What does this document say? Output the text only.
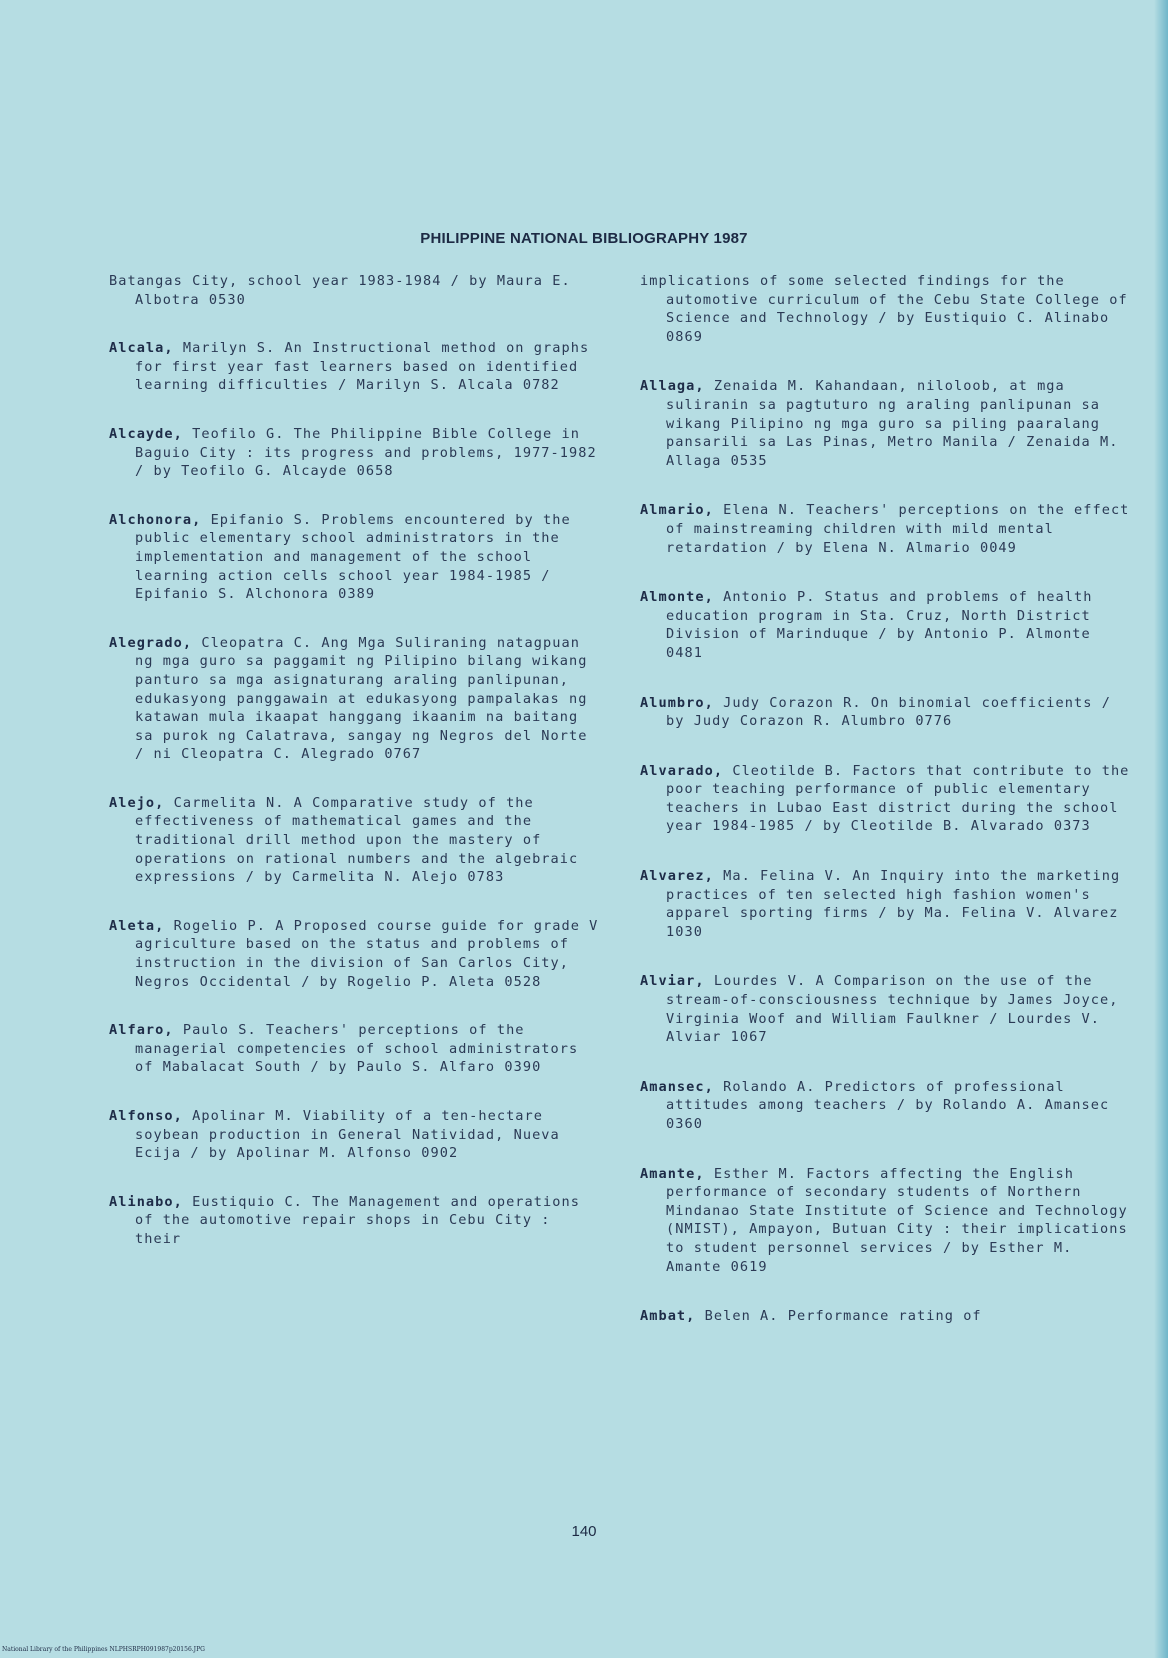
PHILIPPINE NATIONAL BIBLIOGRAPHY 1987
Batangas City, school year 1983-1984 / by Maura E. Albotra 0530
Alcala, Marilyn S. An Instructional method on graphs for first year fast learners based on identified learning difficulties / Marilyn S. Alcala 0782
Alcayde, Teofilo G. The Philippine Bible College in Baguio City : its progress and problems, 1977-1982 / by Teofilo G. Alcayde 0658
Alchonora, Epifanio S. Problems encountered by the public elementary school administrators in the implementation and management of the school learning action cells school year 1984-1985 / Epifanio S. Alchonora 0389
Alegrado, Cleopatra C. Ang Mga Suliraning natagpuan ng mga guro sa paggamit ng Pilipino bilang wikang panturo sa mga asignaturang araling panlipunan, edukasyong panggawain at edukasyong pampalakas ng katawan mula ikaapat hanggang ikaanim na baitang sa purok ng Calatrava, sangay ng Negros del Norte / ni Cleopatra C. Alegrado 0767
Alejo, Carmelita N. A Comparative study of the effectiveness of mathematical games and the traditional drill method upon the mastery of operations on rational numbers and the algebraic expressions / by Carmelita N. Alejo 0783
Aleta, Rogelio P. A Proposed course guide for grade V agriculture based on the status and problems of instruction in the division of San Carlos City, Negros Occidental / by Rogelio P. Aleta 0528
Alfaro, Paulo S. Teachers' perceptions of the managerial competencies of school administrators of Mabalacat South / by Paulo S. Alfaro 0390
Alfonso, Apolinar M. Viability of a ten-hectare soybean production in General Natividad, Nueva Ecija / by Apolinar M. Alfonso 0902
Alinabo, Eustiquio C. The Management and operations of the automotive repair shops in Cebu City : their
implications of some selected findings for the automotive curriculum of the Cebu State College of Science and Technology / by Eustiquio C. Alinabo 0869
Allaga, Zenaida M. Kahandaan, niloloob, at mga suliranin sa pagtuturo ng araling panlipunan sa wikang Pilipino ng mga guro sa piling paaralang pansarili sa Las Pinas, Metro Manila / Zenaida M. Allaga 0535
Almario, Elena N. Teachers' perceptions on the effect of mainstreaming children with mild mental retardation / by Elena N. Almario 0049
Almonte, Antonio P. Status and problems of health education program in Sta. Cruz, North District Division of Marinduque / by Antonio P. Almonte 0481
Alumbro, Judy Corazon R. On binomial coefficients / by Judy Corazon R. Alumbro 0776
Alvarado, Cleotilde B. Factors that contribute to the poor teaching performance of public elementary teachers in Lubao East district during the school year 1984-1985 / by Cleotilde B. Alvarado 0373
Alvarez, Ma. Felina V. An Inquiry into the marketing practices of ten selected high fashion women's apparel sporting firms / by Ma. Felina V. Alvarez 1030
Alviar, Lourdes V. A Comparison on the use of the stream-of-consciousness technique by James Joyce, Virginia Woof and William Faulkner / Lourdes V. Alviar 1067
Amansec, Rolando A. Predictors of professional attitudes among teachers / by Rolando A. Amansec 0360
Amante, Esther M. Factors affecting the English performance of secondary students of Northern Mindanao State Institute of Science and Technology (NMIST), Ampayon, Butuan City : their implications to student personnel services / by Esther M. Amante 0619
Ambat, Belen A. Performance rating of
140
National Library of the Philippines NLPHSRPH091987p20156.JPG
